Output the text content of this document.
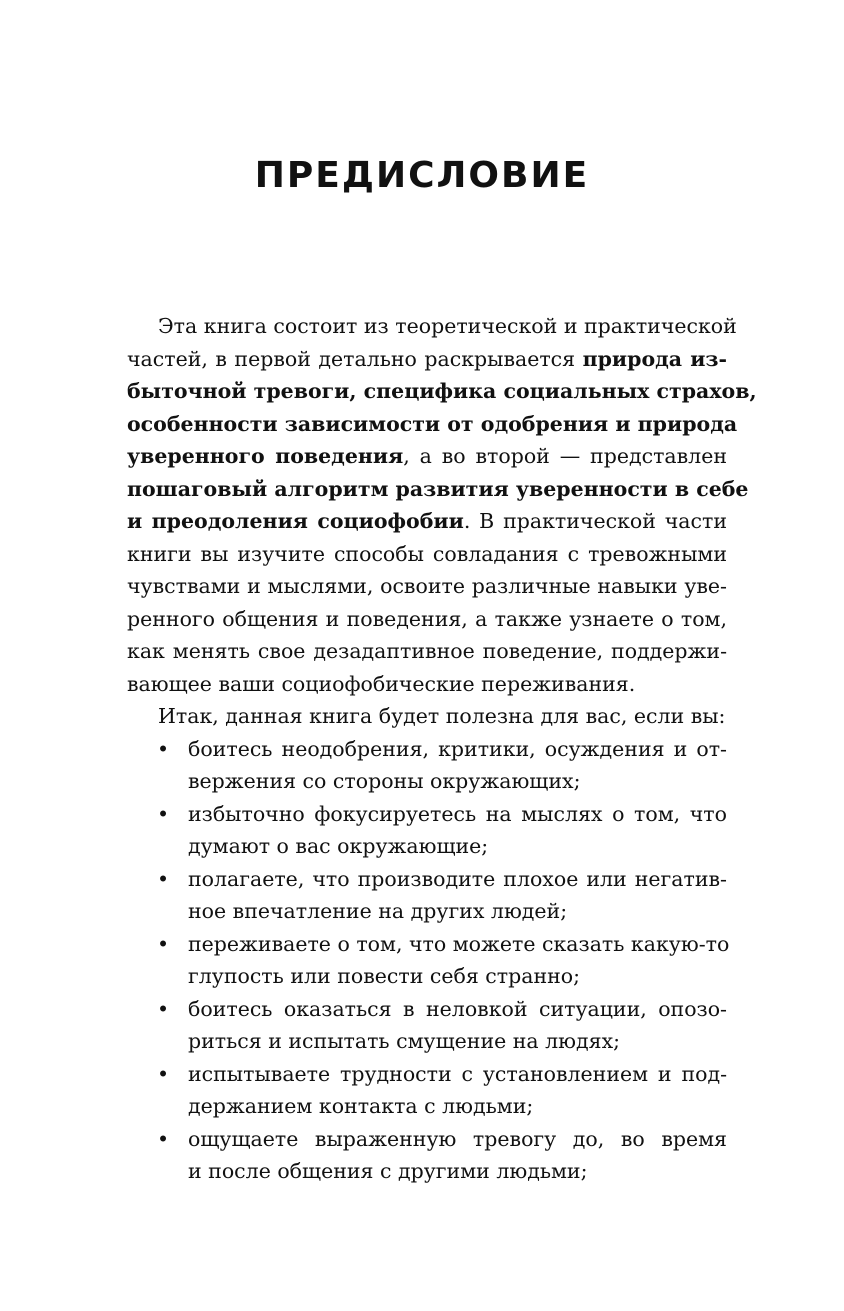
ПРЕДИСЛОВИЕ
Эта книга состоит из теоретической и практической
частей, в первой детально раскрывается природа из-
быточной тревоги, специфика социальных страхов,
особенности зависимости от одобрения и природа
уверенного поведения, а во второй — представлен
пошаговый алгоритм развития уверенности в себе
и преодоления социофобии. В практической части
книги вы изучите способы совладания с тревожными
чувствами и мыслями, освоите различные навыки уве-
ренного общения и поведения, а также узнаете о том,
как менять свое дезадаптивное поведение, поддержи-
вающее ваши социофобические переживания.
Итак, данная книга будет полезна для вас, если вы:
• боитесь неодобрения, критики, осуждения и от-
вержения со стороны окружающих;
• избыточно фокусируетесь на мыслях о том, что
думают о вас окружающие;
• полагаете, что производите плохое или негатив-
ное впечатление на других людей;
• переживаете о том, что можете сказать какую-то
глупость или повести себя странно;
• боитесь оказаться в неловкой ситуации, опозо-
риться и испытать смущение на людях;
• испытываете трудности с установлением и под-
держанием контакта с людьми;
• ощущаете выраженную тревогу до, во время
и после общения с другими людьми;
